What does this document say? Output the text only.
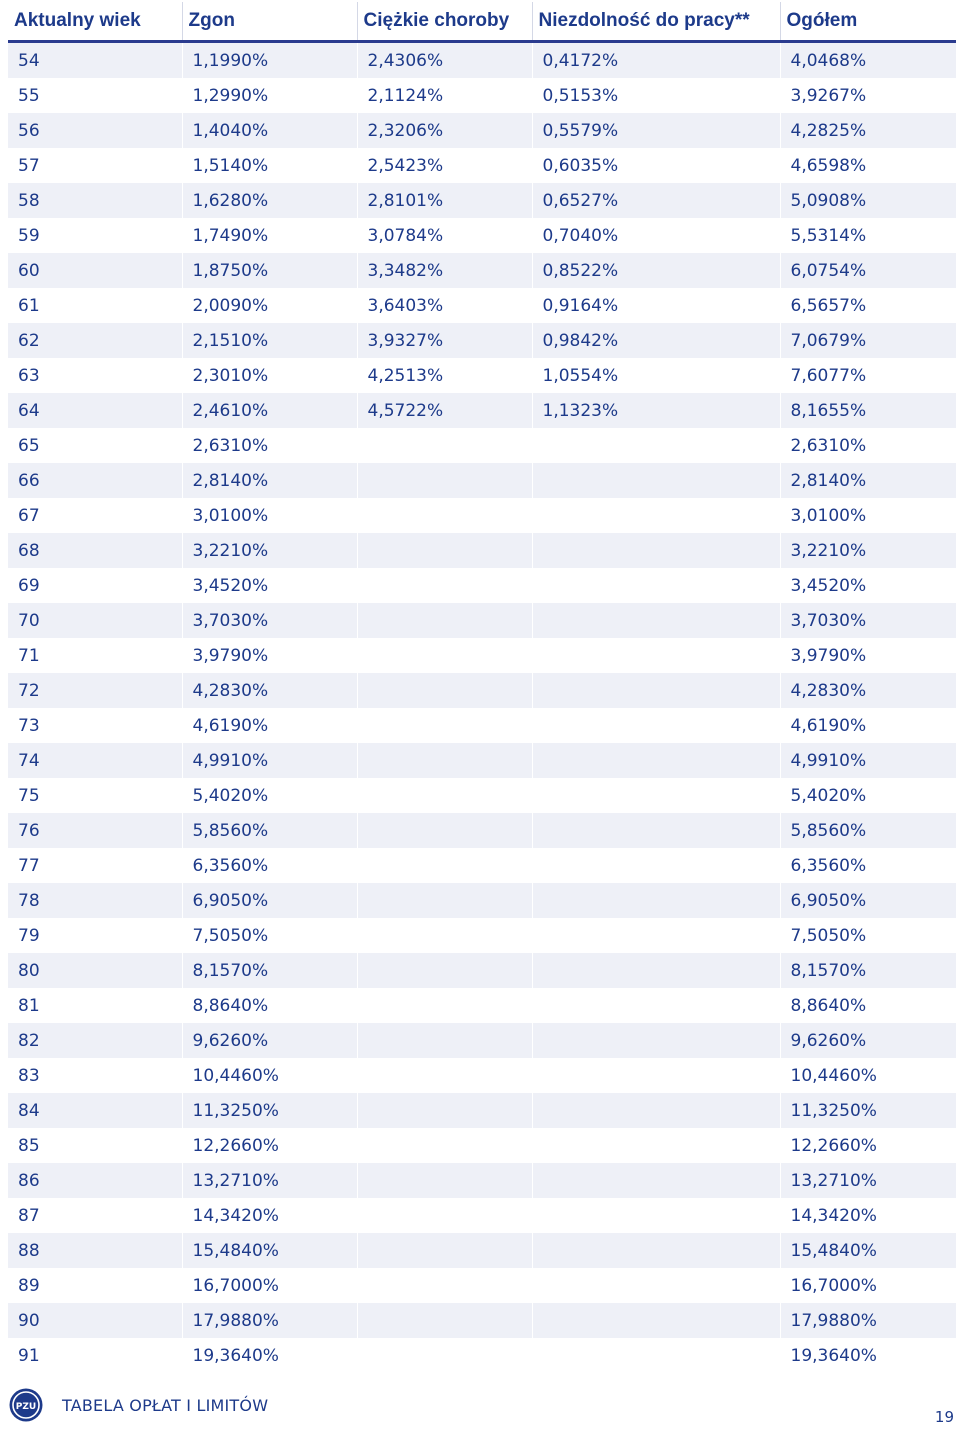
Aktualny wiek	Zgon	Ciężkie choroby	Niezdolność do pracy**	Ogółem
54	1,1990%	2,4306%	0,4172%	4,0468%
55	1,2990%	2,1124%	0,5153%	3,9267%
56	1,4040%	2,3206%	0,5579%	4,2825%
57	1,5140%	2,5423%	0,6035%	4,6598%
58	1,6280%	2,8101%	0,6527%	5,0908%
59	1,7490%	3,0784%	0,7040%	5,5314%
60	1,8750%	3,3482%	0,8522%	6,0754%
61	2,0090%	3,6403%	0,9164%	6,5657%
62	2,1510%	3,9327%	0,9842%	7,0679%
63	2,3010%	4,2513%	1,0554%	7,6077%
64	2,4610%	4,5722%	1,1323%	8,1655%
65	2,6310%			2,6310%
66	2,8140%			2,8140%
67	3,0100%			3,0100%
68	3,2210%			3,2210%
69	3,4520%			3,4520%
70	3,7030%			3,7030%
71	3,9790%			3,9790%
72	4,2830%			4,2830%
73	4,6190%			4,6190%
74	4,9910%			4,9910%
75	5,4020%			5,4020%
76	5,8560%			5,8560%
77	6,3560%			6,3560%
78	6,9050%			6,9050%
79	7,5050%			7,5050%
80	8,1570%			8,1570%
81	8,8640%			8,8640%
82	9,6260%			9,6260%
83	10,4460%			10,4460%
84	11,3250%			11,3250%
85	12,2660%			12,2660%
86	13,2710%			13,2710%
87	14,3420%			14,3420%
88	15,4840%			15,4840%
89	16,7000%			16,7000%
90	17,9880%			17,9880%
91	19,3640%			19,3640%
PZU TABELA OPŁAT I LIMITÓW
19
